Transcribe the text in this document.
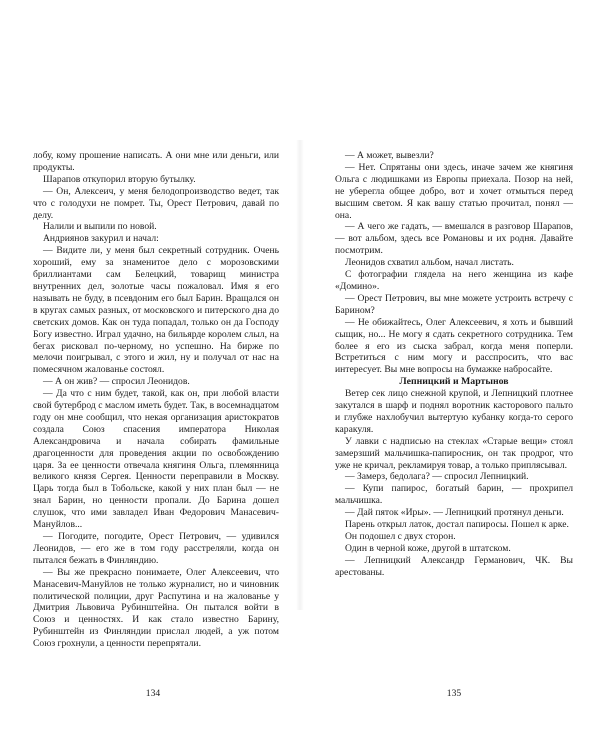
лобу, кому прошение написать. А они мне или деньги, или продукты.

Шарапов откупорил вторую бутылку.

— Он, Алексеич, у меня белодопроизводство ведет, так что с голодухи не помрет. Ты, Орест Петрович, давай по делу.

Налили и выпили по новой.

Андриянов закурил и начал:

— Видите ли, у меня был секретный сотрудник. Очень хороший, ему за знаменитое дело с морозовскими бриллиантами сам Белецкий, товарищ министра внутренних дел, золотые часы пожаловал. Имя я его называть не буду, в псевдоним его был Барин. Вращался он в кругах самых разных, от московского и питерского дна до светских домов. Как он туда попадал, только он да Господу Богу известно. Играл удачно, на бильярде королем слыл, на бегах рисковал по-черному, но успешно. На бирже по мелочи поигрывал, с этого и жил, ну и получал от нас на помесячном жалованье состоял.

— А он жив? — спросил Леонидов.

— Да что с ним будет, такой, как он, при любой власти свой бутерброд с маслом иметь будет. Так, в восемнадцатом году он мне сообщил, что некая организация аристократов создала Союз спасения императора Николая Александровича и начала собирать фамильные драгоценности для проведения акции по освобождению царя. За ее ценности отвечала княгиня Ольга, племянница великого князя Сергея. Ценности переправили в Москву. Царь тогда был в Тобольске, какой у них план был — не знал Барин, но ценности пропали. До Барина дошел слушок, что ими завладел Иван Федорович Манасевич-Мануйлов...

— Погодите, погодите, Орест Петрович, — удивился Леонидов, — его же в том году расстреляли, когда он пытался бежать в Финляндию.

— Вы же прекрасно понимаете, Олег Алексеевич, что Манасевич-Мануйлов не только журналист, но и чиновник политической полиции, друг Распутина и на жалованье у Дмитрия Львовича Рубинштейна. Он пытался войти в Союз и ценностях. И как стало известно Барину, Рубинштейн из Финляндии прислал людей, а уж потом Союз грохнули, а ценности перепрятали.

134

— А может, вывезли?

— Нет. Спрятаны они здесь, иначе зачем же княгиня Ольга с людишками из Европы приехала. Позор на ней, не уберегла общее добро, вот и хочет отмыться перед высшим светом. Я как вашу статью прочитал, понял — она.

— А чего же гадать, — вмешался в разговор Шарапов, — вот альбом, здесь все Романовы и их родня. Давайте посмотрим.

Леонидов схватил альбом, начал листать.

С фотографии глядела на него женщина из кафе «Домино».

— Орест Петрович, вы мне можете устроить встречу с Барином?

— Не обижайтесь, Олег Алексеевич, я хоть и бывший сыщик, но... Не могу я сдать секретного сотрудника. Тем более я его из сыска забрал, когда меня поперли. Встретиться с ним могу и расспросить, что вас интересует. Вы мне вопросы на бумажке набросайте.

Лепницкий и Мартынов

Ветер сек лицо снежной крупой, и Лепницкий плотнее закутался в шарф и поднял воротник касторового пальто и глубже нахлобучил вытертую кубанку когда-то серого каракуля.

У лавки с надписью на стеклах «Старые вещи» стоял замерзший мальчишка-папиросник, он так продрог, что уже не кричал, рекламируя товар, а только приплясывал.

— Замерз, бедолага? — спросил Лепницкий.

— Купи папирос, богатый барин, — прохрипел мальчишка.

— Дай пяток «Иры». — Лепницкий протянул деньги.

Парень открыл латок, достал папиросы. Пошел к арке.

Он подошел с двух сторон.

Один в черной коже, другой в штатском.

— Лепницкий Александр Германович, ЧК. Вы арестованы.

135
